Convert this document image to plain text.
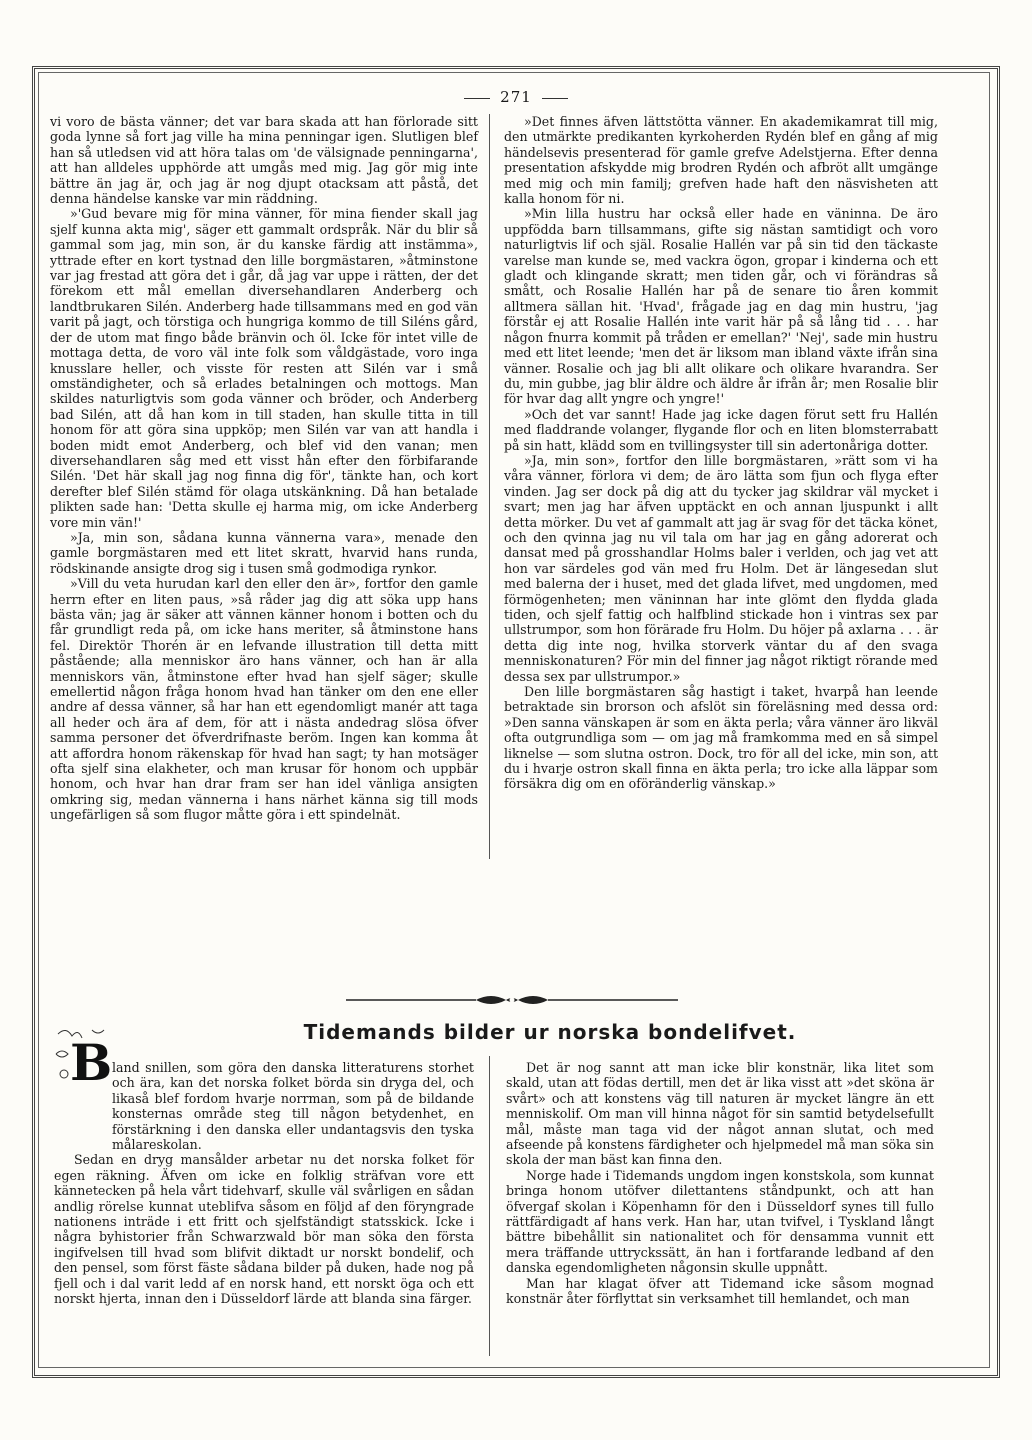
271

vi voro de bästa vänner; det var bara skada att han förlorade sitt goda lynne så fort jag ville ha mina penningar igen. Slutligen blef han så utledsen vid att höra talas om 'de välsignade penningarna', att han alldeles upphörde att umgås med mig. Jag gör mig inte bättre än jag är, och jag är nog djupt otacksam att påstå, det denna händelse kanske var min räddning.

»'Gud bevare mig för mina vänner, för mina fiender skall jag sjelf kunna akta mig', säger ett gammalt ordspråk. När du blir så gammal som jag, min son, är du kanske färdig att instämma», yttrade efter en kort tystnad den lille borgmästaren, »åtminstone var jag frestad att göra det i går, då jag var uppe i rätten, der det förekom ett mål emellan diversehandlaren Anderberg och landtbrukaren Silén. Anderberg hade tillsammans med en god vän varit på jagt, och törstiga och hungriga kommo de till Siléns gård, der de utom mat fingo både bränvin och öl. Icke för intet ville de mottaga detta, de voro väl inte folk som våldgästade, voro inga knusslare heller, och visste för resten att Silén var i små omständigheter, och så erlades betalningen och mottogs. Man skildes naturligtvis som goda vänner och bröder, och Anderberg bad Silén, att då han kom in till staden, han skulle titta in till honom för att göra sina uppköp; men Silén var van att handla i boden midt emot Anderberg, och blef vid den vanan; men diversehandlaren såg med ett visst hån efter den förbifarande Silén. 'Det här skall jag nog finna dig för', tänkte han, och kort derefter blef Silén stämd för olaga utskänkning. Då han betalade plikten sade han: 'Detta skulle ej harma mig, om icke Anderberg vore min vän!'

»Ja, min son, sådana kunna vännerna vara», menade den gamle borgmästaren med ett litet skratt, hvarvid hans runda, rödskinande ansigte drog sig i tusen små godmodiga rynkor.

»Vill du veta hurudan karl den eller den är», fortfor den gamle herrn efter en liten paus, »så råder jag dig att söka upp hans bästa vän; jag är säker att vännen känner honom i botten och du får grundligt reda på, om icke hans meriter, så åtminstone hans fel. Direktör Thorén är en lefvande illustration till detta mitt påstående; alla menniskor äro hans vänner, och han är alla menniskors vän, åtminstone efter hvad han sjelf säger; skulle emellertid någon fråga honom hvad han tänker om den ene eller andre af dessa vänner, så har han ett egendomligt manér att taga all heder och ära af dem, för att i nästa andedrag slösa öfver samma personer det öfverdrifnaste beröm. Ingen kan komma åt att affordra honom räkenskap för hvad han sagt; ty han motsäger ofta sjelf sina elakheter, och man krusar för honom och uppbär honom, och hvar han drar fram ser han idel vänliga ansigten omkring sig, medan vännerna i hans närhet känna sig till mods ungefärligen så som flugor måtte göra i ett spindelnät.

»Det finnes äfven lättstötta vänner. En akademikamrat till mig, den utmärkte predikanten kyrkoherden Rydén blef en gång af mig händelsevis presenterad för gamle grefve Adelstjerna. Efter denna presentation afskydde mig brodren Rydén och afbröt allt umgänge med mig och min familj; grefven hade haft den näsvisheten att kalla honom för ni.

»Min lilla hustru har också eller hade en väninna. De äro uppfödda barn tillsammans, gifte sig nästan samtidigt och voro naturligtvis lif och själ. Rosalie Hallén var på sin tid den täckaste varelse man kunde se, med vackra ögon, gropar i kinderna och ett gladt och klingande skratt; men tiden går, och vi förändras så smått, och Rosalie Hallén har på de senare tio åren kommit alltmera sällan hit. 'Hvad', frågade jag en dag min hustru, 'jag förstår ej att Rosalie Hallén inte varit här på så lång tid . . . har någon fnurra kommit på tråden er emellan?' 'Nej', sade min hustru med ett litet leende; 'men det är liksom man ibland växte ifrån sina vänner. Rosalie och jag bli allt olikare och olikare hvarandra. Ser du, min gubbe, jag blir äldre och äldre år ifrån år; men Rosalie blir för hvar dag allt yngre och yngre!'

»Och det var sannt! Hade jag icke dagen förut sett fru Hallén med fladdrande volanger, flygande flor och en liten blomsterrabatt på sin hatt, klädd som en tvillingsyster till sin adertonåriga dotter.

»Ja, min son», fortfor den lille borgmästaren, »rätt som vi ha våra vänner, förlora vi dem; de äro lätta som fjun och flyga efter vinden. Jag ser dock på dig att du tycker jag skildrar väl mycket i svart; men jag har äfven upptäckt en och annan ljuspunkt i allt detta mörker. Du vet af gammalt att jag är svag för det täcka könet, och den qvinna jag nu vil tala om har jag en gång adorerat och dansat med på grosshandlar Holms baler i verlden, och jag vet att hon var särdeles god vän med fru Holm. Det är längesedan slut med balerna der i huset, med det glada lifvet, med ungdomen, med förmögenheten; men väninnan har inte glömt den flydda glada tiden, och sjelf fattig och halfblind stickade hon i vintras sex par ullstrumpor, som hon förärade fru Holm. Du höjer på axlarna . . . är detta dig inte nog, hvilka storverk väntar du af den svaga menniskonaturen? För min del finner jag något riktigt rörande med dessa sex par ullstrumpor.»

Den lille borgmästaren såg hastigt i taket, hvarpå han leende betraktade sin brorson och afslöt sin föreläsning med dessa ord: »Den sanna vänskapen är som en äkta perla; våra vänner äro likväl ofta outgrundliga som — om jag må framkomma med en så simpel liknelse — som slutna ostron. Dock, tro för all del icke, min son, att du i hvarje ostron skall finna en äkta perla; tro icke alla läppar som försäkra dig om en oföränderlig vänskap.»

Tidemands bilder ur norska bondelifvet.
B land snillen, som göra den danska litteraturens storhet och ära, kan det norska folket börda sin dryga del, och likaså blef fordom hvarje norrman, som på de bildande konsternas område steg till någon betydenhet, en förstärkning i den danska eller undantagsvis den tyska målareskolan.

Sedan en dryg mansålder arbetar nu det norska folket för egen räkning. Äfven om icke en folklig sträfvan vore ett kännetecken på hela vårt tidehvarf, skulle väl svårligen en sådan andlig rörelse kunnat uteblifva såsom en följd af den föryngrade nationens inträde i ett fritt och sjelfständigt statsskick. Icke i några byhistorier från Schwarzwald bör man söka den första ingifvelsen till hvad som blifvit diktadt ur norskt bondelif, och den pensel, som först fäste sådana bilder på duken, hade nog på fjell och i dal varit ledd af en norsk hand, ett norskt öga och ett norskt hjerta, innan den i Düsseldorf lärde att blanda sina färger.

Det är nog sannt att man icke blir konstnär, lika litet som skald, utan att födas dertill, men det är lika visst att »det sköna är svårt» och att konstens väg till naturen är mycket längre än ett menniskolif. Om man vill hinna något för sin samtid betydelsefullt mål, måste man taga vid der något annan slutat, och med afseende på konstens färdigheter och hjelpmedel må man söka sin skola der man bäst kan finna den.

Norge hade i Tidemands ungdom ingen konstskola, som kunnat bringa honom utöfver dilettantens ståndpunkt, och att han öfvergaf skolan i Köpenhamn för den i Düsseldorf synes till fullo rättfärdigadt af hans verk. Han har, utan tvifvel, i Tyskland långt bättre bibehållit sin nationalitet och för densamma vunnit ett mera träffande uttryckssätt, än han i fortfarande ledband af den danska egendomligheten någonsin skulle uppnått.

Man har klagat öfver att Tidemand icke såsom mognad konstnär åter förflyttat sin verksamhet till hemlandet, och man
